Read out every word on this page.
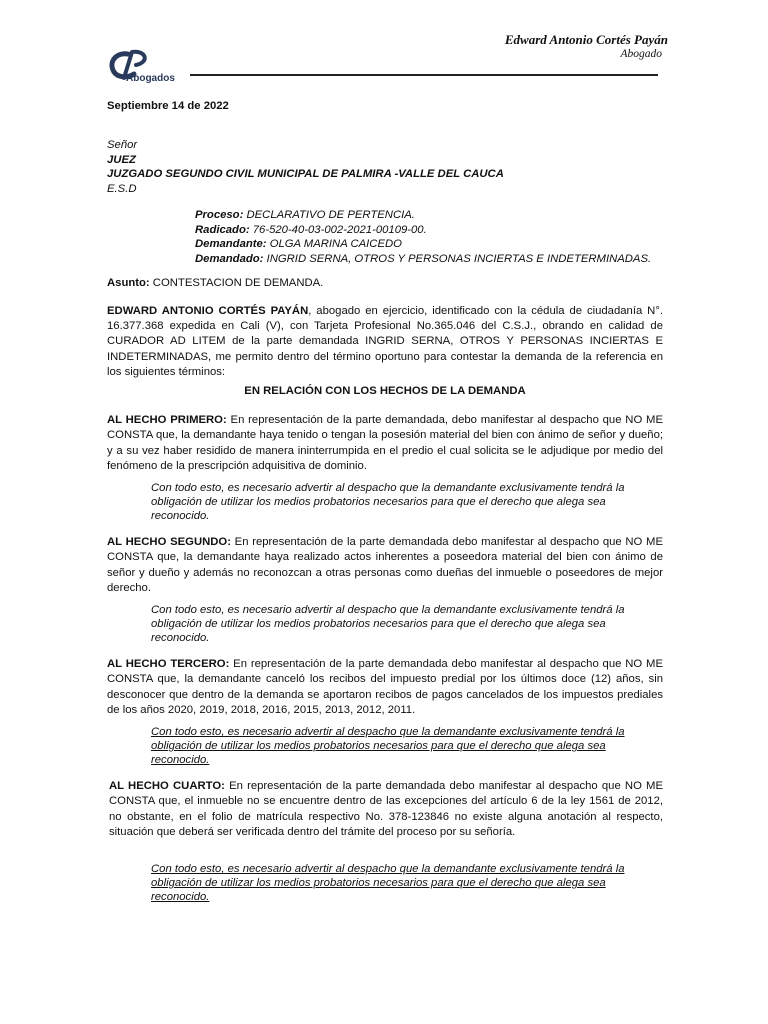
Edward Antonio Cortés Payán
Abogado
Abogados
Septiembre 14 de 2022
Señor
JUEZ
JUZGADO SEGUNDO CIVIL MUNICIPAL DE PALMIRA -VALLE DEL CAUCA
E.S.D
Proceso: DECLARATIVO DE PERTENCIA.
Radicado: 76-520-40-03-002-2021-00109-00.
Demandante: OLGA MARINA CAICEDO
Demandado: INGRID SERNA, OTROS Y PERSONAS INCIERTAS E INDETERMINADAS.
Asunto: CONTESTACION DE DEMANDA.
EDWARD ANTONIO CORTÉS PAYÁN, abogado en ejercicio, identificado con la cédula de ciudadanía N°. 16.377.368 expedida en Cali (V), con Tarjeta Profesional No.365.046 del C.S.J., obrando en calidad de CURADOR AD LITEM de la parte demandada INGRID SERNA, OTROS Y PERSONAS INCIERTAS E INDETERMINADAS, me permito dentro del término oportuno para contestar la demanda de la referencia en los siguientes términos:
EN RELACIÓN CON LOS HECHOS DE LA DEMANDA
AL HECHO PRIMERO: En representación de la parte demandada, debo manifestar al despacho que NO ME CONSTA que, la demandante haya tenido o tengan la posesión material del bien con ánimo de señor y dueño; y a su vez haber residido de manera ininterrumpida en el predio el cual solicita se le adjudique por medio del fenómeno de la prescripción adquisitiva de dominio.
Con todo esto, es necesario advertir al despacho que la demandante exclusivamente tendrá la obligación de utilizar los medios probatorios necesarios para que el derecho que alega sea reconocido.
AL HECHO SEGUNDO: En representación de la parte demandada debo manifestar al despacho que NO ME CONSTA que, la demandante haya realizado actos inherentes a poseedora material del bien con ánimo de señor y dueño y además no reconozcan a otras personas como dueñas del inmueble o poseedores de mejor derecho.
Con todo esto, es necesario advertir al despacho que la demandante exclusivamente tendrá la obligación de utilizar los medios probatorios necesarios para que el derecho que alega sea reconocido.
AL HECHO TERCERO: En representación de la parte demandada debo manifestar al despacho que NO ME CONSTA que, la demandante canceló los recibos del impuesto predial por los últimos doce (12) años, sin desconocer que dentro de la demanda se aportaron recibos de pagos cancelados de los impuestos prediales de los años 2020, 2019, 2018, 2016, 2015, 2013, 2012, 2011.
Con todo esto, es necesario advertir al despacho que la demandante exclusivamente tendrá la obligación de utilizar los medios probatorios necesarios para que el derecho que alega sea reconocido.
AL HECHO CUARTO: En representación de la parte demandada debo manifestar al despacho que NO ME CONSTA que, el inmueble no se encuentre dentro de las excepciones del artículo 6 de la ley 1561 de 2012, no obstante, en el folio de matrícula respectivo No. 378-123846 no existe alguna anotación al respecto, situación que deberá ser verificada dentro del trámite del proceso por su señoría.
Con todo esto, es necesario advertir al despacho que la demandante exclusivamente tendrá la obligación de utilizar los medios probatorios necesarios para que el derecho que alega sea reconocido.
